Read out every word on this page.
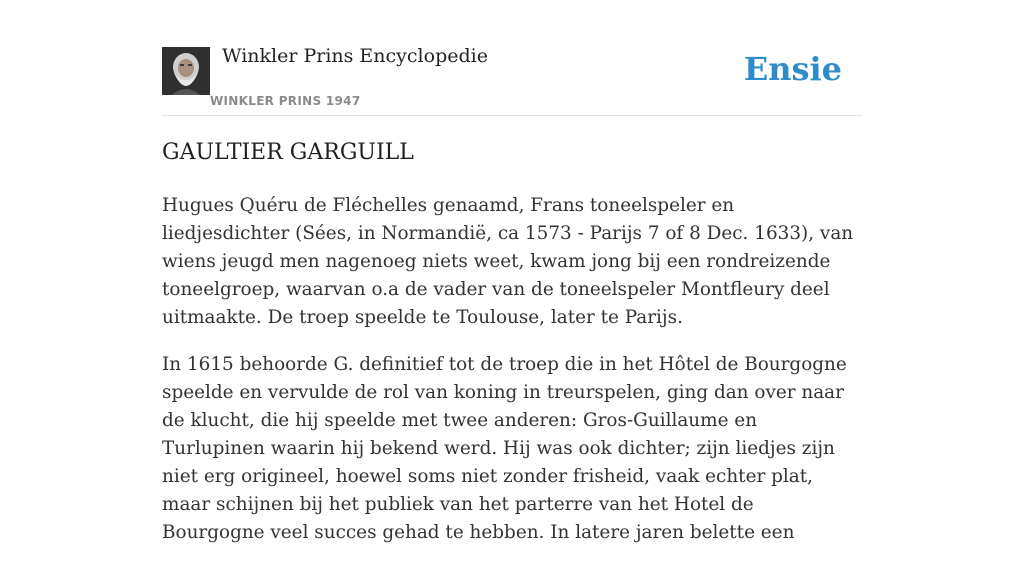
Winkler Prins Encyclopedie
WINKLER PRINS 1947
Ensie
GAULTIER GARGUILL

Hugues Quéru de Fléchelles genaamd, Frans toneelspeler en liedjesdichter (Sées, in Normandië, ca 1573 - Parijs 7 of 8 Dec. 1633), van wiens jeugd men nagenoeg niets weet, kwam jong bij een rondreizende toneelgroep, waarvan o.a de vader van de toneelspeler Montfleury deel uitmaakte. De troep speelde te Toulouse, later te Parijs.

In 1615 behoorde G. definitief tot de troep die in het Hôtel de Bourgogne speelde en vervulde de rol van koning in treurspelen, ging dan over naar de klucht, die hij speelde met twee anderen: Gros-Guillaume en Turlupinen waarin hij bekend werd. Hij was ook dichter; zijn liedjes zijn niet erg origineel, hoewel soms niet zonder frisheid, vaak echter plat, maar schijnen bij het publiek van het parterre van het Hotel de Bourgogne veel succes gehad te hebben. In latere jaren belette een
